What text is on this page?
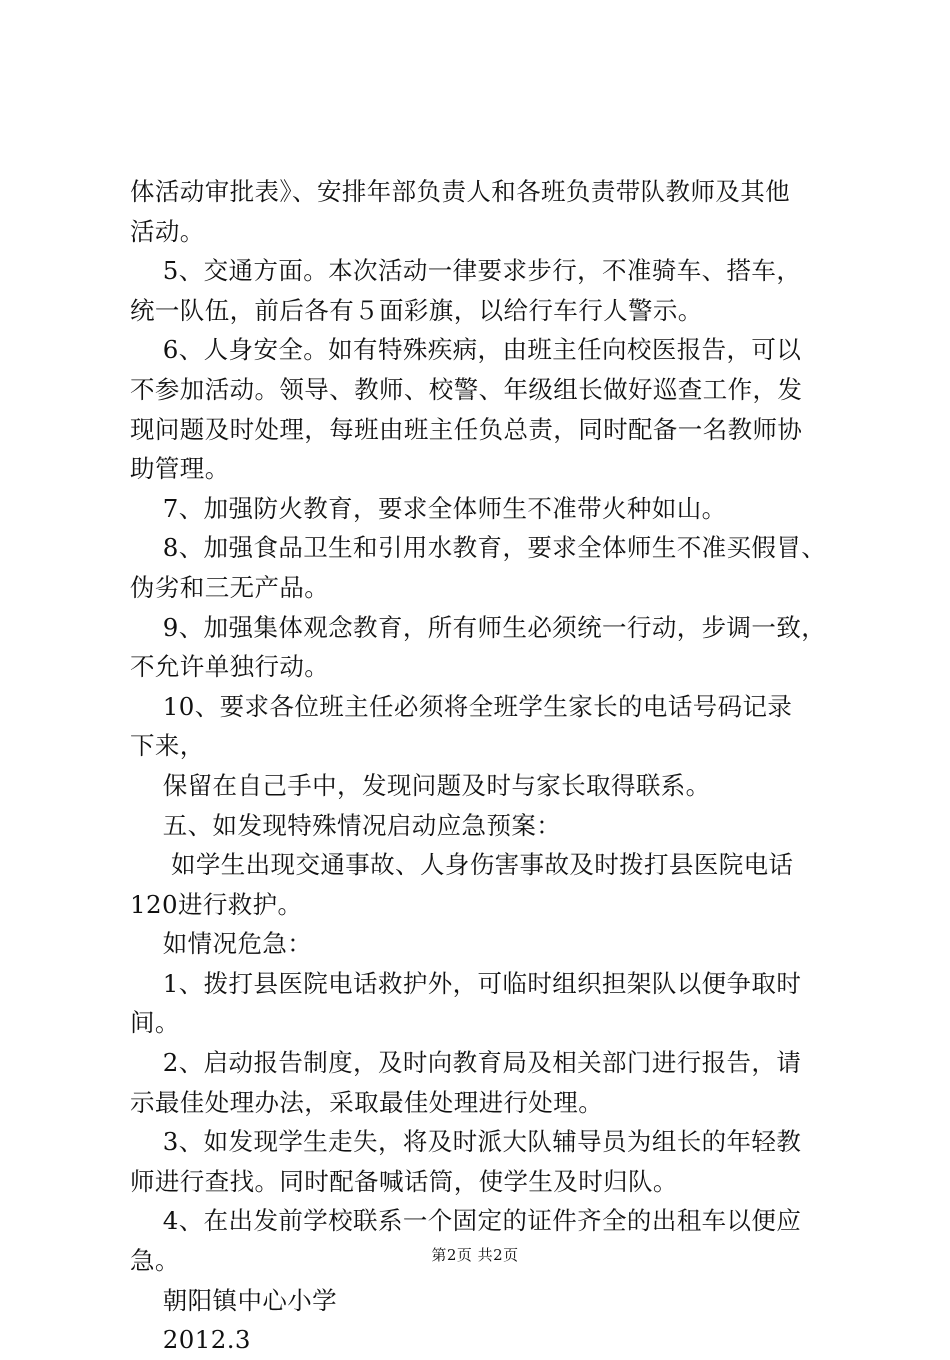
体活动审批表》、安排年部负责人和各班负责带队教师及其他
活动。
5、交通方面。本次活动一律要求步行，不准骑车、搭车，
统一队伍，前后各有５面彩旗，以给行车行人警示。
6、人身安全。如有特殊疾病，由班主任向校医报告，可以
不参加活动。领导、教师、校警、年级组长做好巡查工作，发
现问题及时处理，每班由班主任负总责，同时配备一名教师协
助管理。
7、加强防火教育，要求全体师生不准带火种如山。
8、加强食品卫生和引用水教育，要求全体师生不准买假冒、
伪劣和三无产品。
9、加强集体观念教育，所有师生必须统一行动，步调一致，
不允许单独行动。
10、要求各位班主任必须将全班学生家长的电话号码记录
下来，
保留在自己手中，发现问题及时与家长取得联系。
五、如发现特殊情况启动应急预案：
如学生出现交通事故、人身伤害事故及时拨打县医院电话
120进行救护。
如情况危急：
1、拨打县医院电话救护外，可临时组织担架队以便争取时
间。
2、启动报告制度，及时向教育局及相关部门进行报告，请
示最佳处理办法，采取最佳处理进行处理。
3、如发现学生走失，将及时派大队辅导员为组长的年轻教
师进行查找。同时配备喊话筒，使学生及时归队。
4、在出发前学校联系一个固定的证件齐全的出租车以便应
急。
朝阳镇中心小学
2012.3
第2页 共2页
